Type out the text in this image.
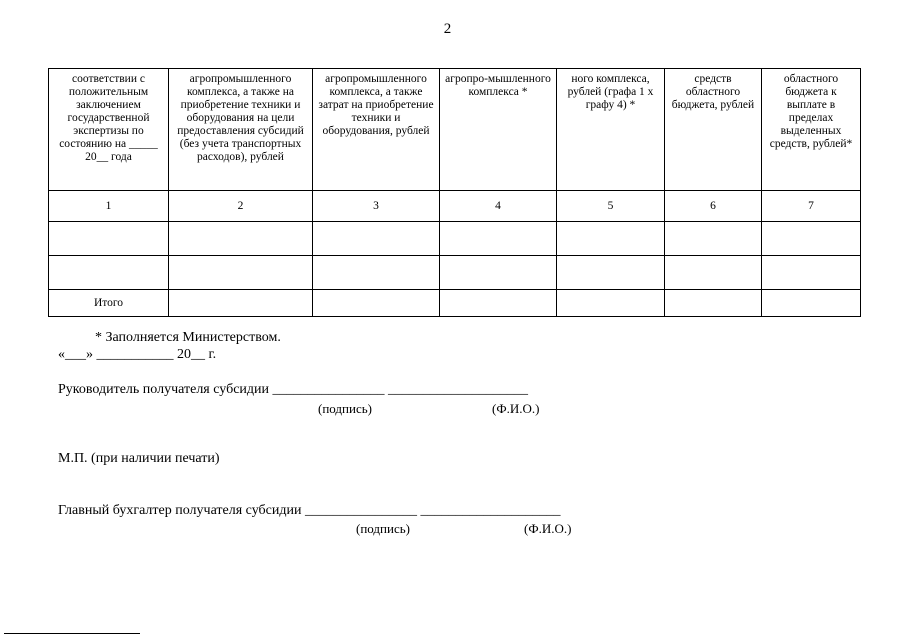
2
соответствии с положительным заключением государственной экспертизы по состоянию на _____ 20__ года	агропромышленного комплекса, а также на приобретение техники и оборудования на цели предоставления субсидий (без учета транспортных расходов), рублей	агропромышленного комплекса, а также затрат на приобретение техники и оборудования, рублей	агропро-мышленного комплекса *	ного комплекса, рублей (графа 1 х графу 4) *	средств областного бюджета, рублей	областного бюджета к выплате в пределах выделенных средств, рублей*
1	2	3	4	5	6	7

Итого						
* Заполняется Министерством.
«___» ___________ 20__ г.
Руководитель получателя субсидии ________________ ____________________
(подпись)	(Ф.И.О.)
М.П. (при наличии печати)
Главный бухгалтер получателя субсидии ________________ ____________________
(подпись)	(Ф.И.О.)
